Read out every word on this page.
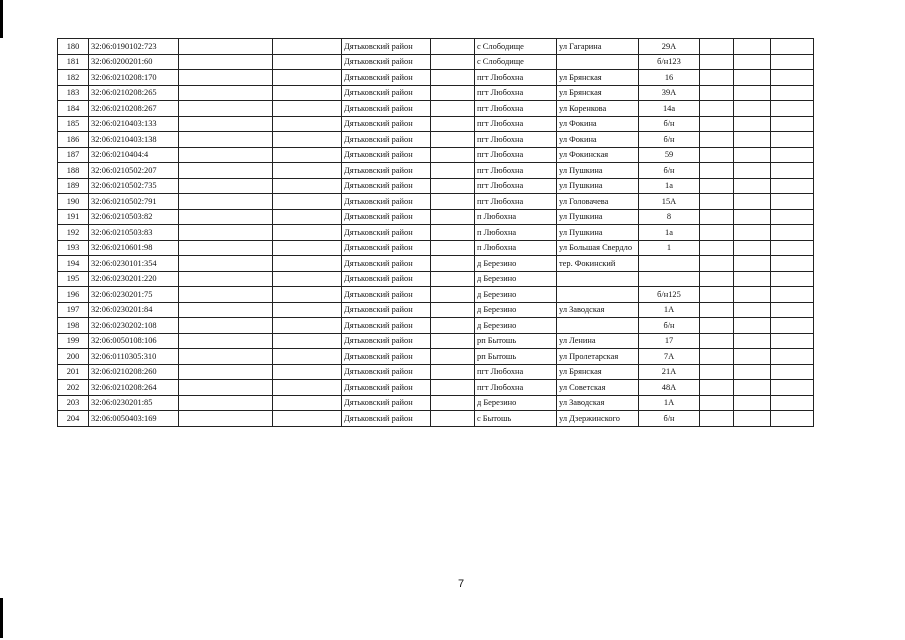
180	32:06:0190102:723			Дятьковский район		с Слободище	ул Гагарина	29А			
181	32:06:0200201:60			Дятьковский район		с Слободище		б/н123			
182	32:06:0210208:170			Дятьковский район		пгт Любохна	ул Брянская	16			
183	32:06:0210208:265			Дятьковский район		пгт Любохна	ул Брянская	39А			
184	32:06:0210208:267			Дятьковский район		пгт Любохна	ул Коренкова	14а			
185	32:06:0210403:133			Дятьковский район		пгт Любохна	ул Фокина	б/н			
186	32:06:0210403:138			Дятьковский район		пгт Любохна	ул Фокина	б/н			
187	32:06:0210404:4			Дятьковский район		пгт Любохна	ул Фокинская	59			
188	32:06:0210502:207			Дятьковский район		пгт Любохна	ул Пушкина	б/н			
189	32:06:0210502:735			Дятьковский район		пгт Любохна	ул Пушкина	1а			
190	32:06:0210502:791			Дятьковский район		пгт Любохна	ул Головачева	15А			
191	32:06:0210503:82			Дятьковский район		п Любохна	ул Пушкина	8			
192	32:06:0210503:83			Дятьковский район		п Любохна	ул Пушкина	1а			
193	32:06:0210601:98			Дятьковский район		п Любохна	ул Большая Свердло	1			
194	32:06:0230101:354			Дятьковский район		д Березино	тер. Фокинский				
195	32:06:0230201:220			Дятьковский район		д Березино					
196	32:06:0230201:75			Дятьковский район		д Березино		б/н125			
197	32:06:0230201:84			Дятьковский район		д Березино	ул Заводская	1А			
198	32:06:0230202:108			Дятьковский район		д Березино		б/н			
199	32:06:0050108:106			Дятьковский район		рп Бытошь	ул Ленина	17			
200	32:06:0110305:310			Дятьковский район		рп Бытошь	ул Пролетарская	7А			
201	32:06:0210208:260			Дятьковский район		пгт Любохна	ул Брянская	21А			
202	32:06:0210208:264			Дятьковский район		пгт Любохна	ул Советская	48А			
203	32:06:0230201:85			Дятьковский район		д Березино	ул Заводская	1А			
204	32:06:0050403:169			Дятьковский район		с Бытошь	ул Дзержинского	б/н			
7
